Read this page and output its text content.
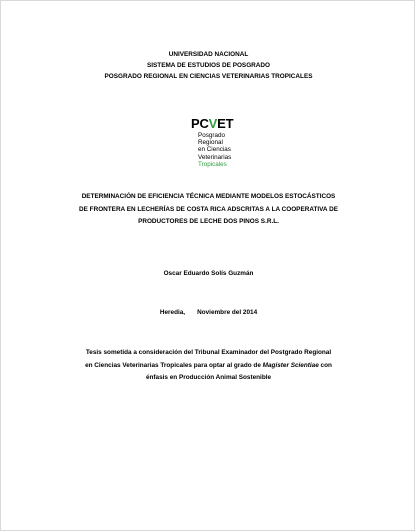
UNIVERSIDAD NACIONAL
SISTEMA DE ESTUDIOS DE POSGRADO
POSGRADO REGIONAL EN CIENCIAS VETERINARIAS TROPICALES
PCVET
Posgrado
Regional
en Ciencias
Veterinarias
Tropicales
DETERMINACIÓN DE EFICIENCIA TÉCNICA MEDIANTE MODELOS ESTOCÁSTICOS
DE FRONTERA EN LECHERÍAS DE COSTA RICA ADSCRITAS A LA COOPERATIVA DE
PRODUCTORES DE LECHE DOS PINOS S.R.L.
Oscar Eduardo Solís Guzmán
Heredia, Noviembre del 2014
Tesis sometida a consideración del Tribunal Examinador del Postgrado Regional
en Ciencias Veterinarias Tropicales para optar al grado de Magister Scientiae con
énfasis en Producción Animal Sostenible
